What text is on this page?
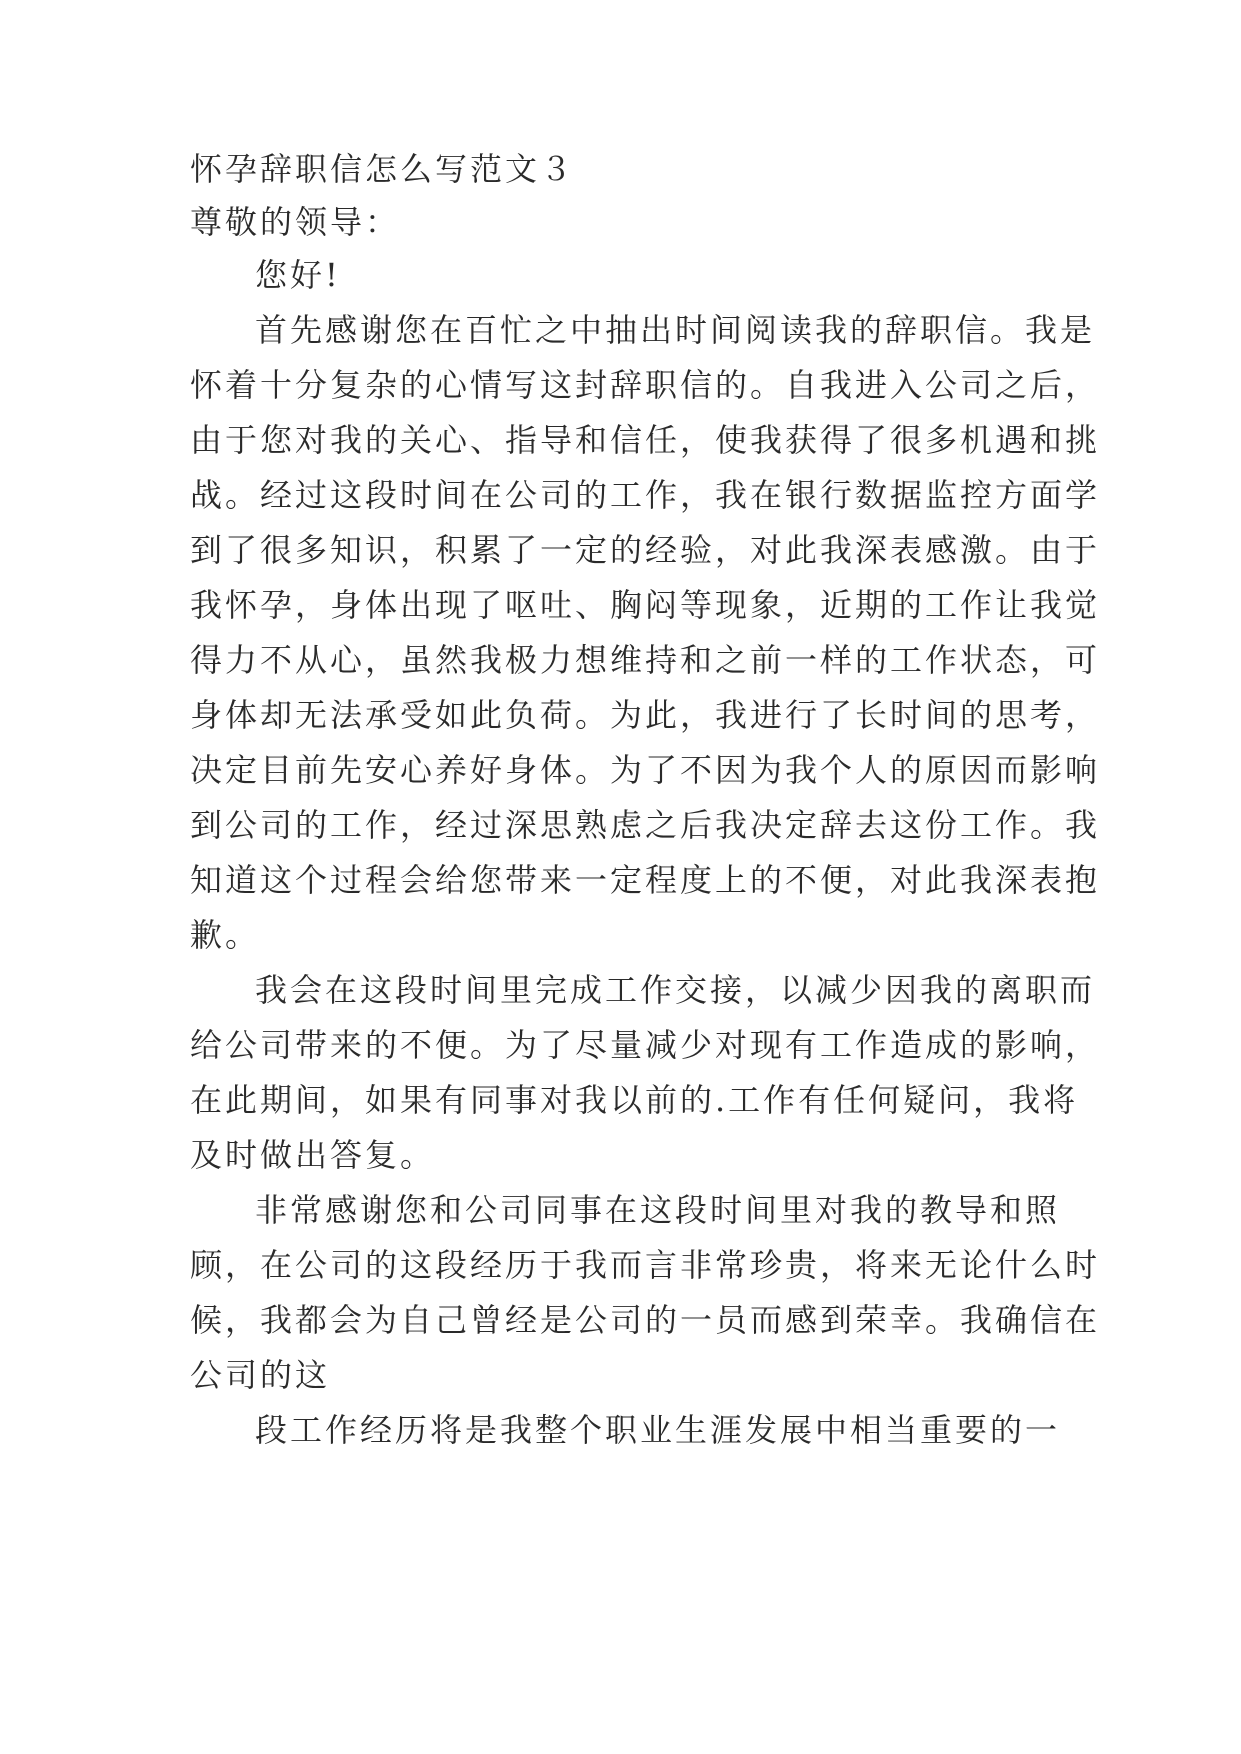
怀孕辞职信怎么写范文３
尊敬的领导：
您好!
首先感谢您在百忙之中抽出时间阅读我的辞职信。我是
怀着十分复杂的心情写这封辞职信的。自我进入公司之后，
由于您对我的关心、指导和信任，使我获得了很多机遇和挑
战。经过这段时间在公司的工作，我在银行数据监控方面学
到了很多知识，积累了一定的经验，对此我深表感激。由于
我怀孕，身体出现了呕吐、胸闷等现象，近期的工作让我觉
得力不从心，虽然我极力想维持和之前一样的工作状态，可
身体却无法承受如此负荷。为此，我进行了长时间的思考，
决定目前先安心养好身体。为了不因为我个人的原因而影响
到公司的工作，经过深思熟虑之后我决定辞去这份工作。我
知道这个过程会给您带来一定程度上的不便，对此我深表抱
歉。
我会在这段时间里完成工作交接，以减少因我的离职而
给公司带来的不便。为了尽量减少对现有工作造成的影响，
在此期间，如果有同事对我以前的.工作有任何疑问，我将
及时做出答复。
非常感谢您和公司同事在这段时间里对我的教导和照
顾，在公司的这段经历于我而言非常珍贵，将来无论什么时
候，我都会为自己曾经是公司的一员而感到荣幸。我确信在
公司的这
段工作经历将是我整个职业生涯发展中相当重要的一
